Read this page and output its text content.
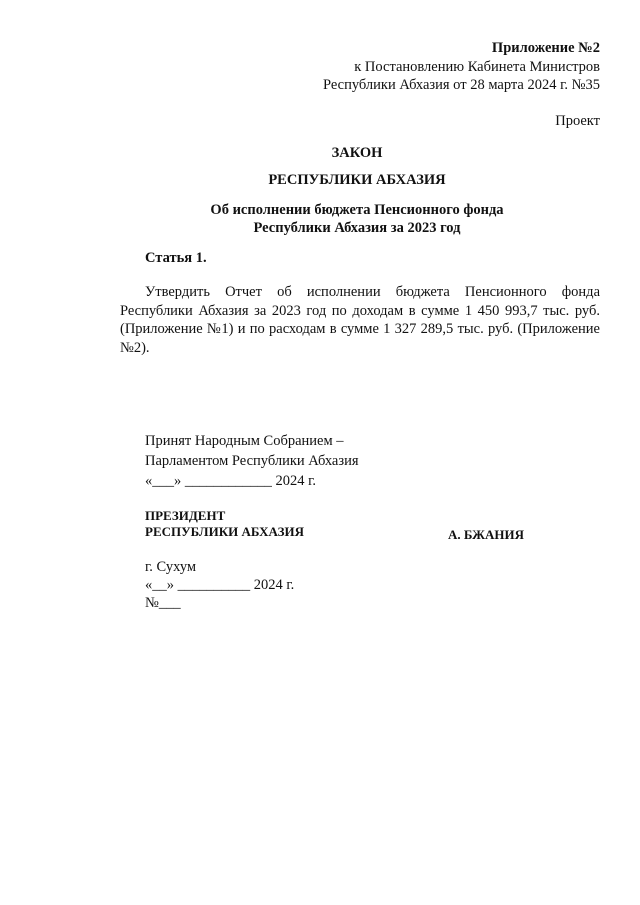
Приложение №2
к Постановлению Кабинета Министров
Республики Абхазия от 28 марта 2024 г. №35
Проект
ЗАКОН
РЕСПУБЛИКИ АБХАЗИЯ
Об исполнении бюджета Пенсионного фонда
Республики Абхазия за 2023 год
Статья 1.
Утвердить Отчет об исполнении бюджета Пенсионного фонда Республики Абхазия за 2023 год по доходам в сумме 1 450 993,7 тыс. руб. (Приложение №1) и по расходам в сумме 1 327 289,5 тыс. руб. (Приложение №2).
Принят Народным Собранием –
Парламентом Республики Абхазия
«___» ____________ 2024 г.
ПРЕЗИДЕНТ
РЕСПУБЛИКИ АБХАЗИЯ	А. БЖАНИЯ
г. Сухум
«__» __________ 2024 г.
№___
